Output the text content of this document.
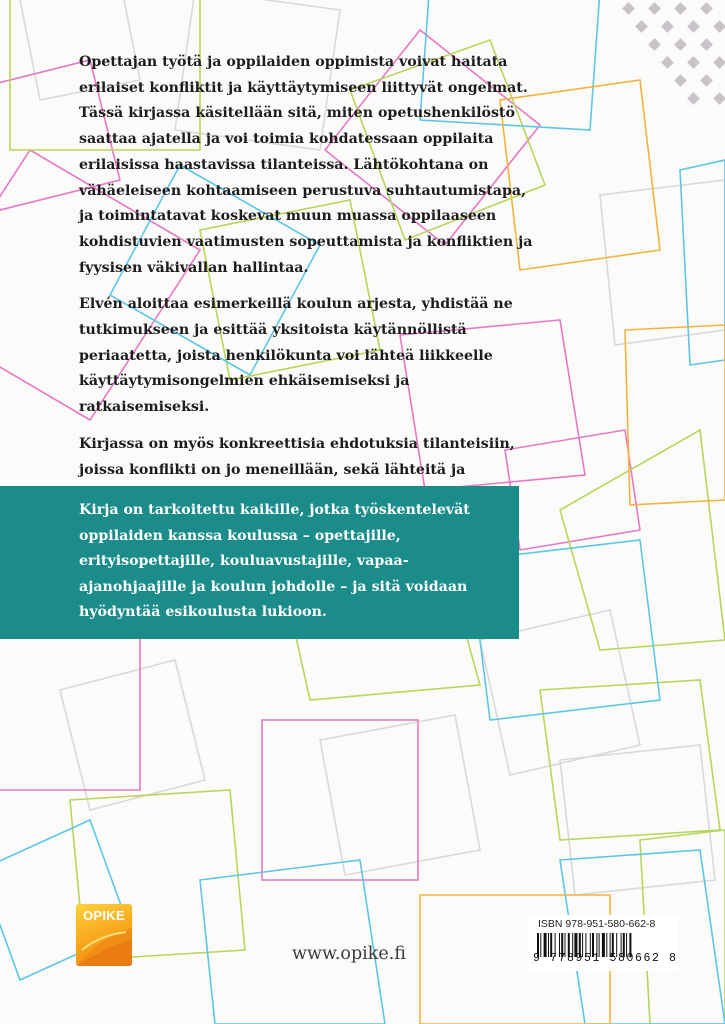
Opettajan työtä ja oppilaiden oppimista voivat haitata erilaiset konfliktit ja käyttäytymiseen liittyvät ongelmat. Tässä kirjassa käsitellään sitä, miten opetushenkilöstö saattaa ajatella ja voi toimia kohdatessaan oppilaita erilaisissa haastavissa tilanteissa. Lähtökohtana on vähäeleiseen kohtaamiseen perustuva suhtautumistapa, ja toimintatavat koskevat muun muassa oppilaaseen kohdistuvien vaatimusten sopeuttamista ja konfliktien ja fyysisen väkivallan hallintaa.

Elvén aloittaa esimerkeillä koulun arjesta, yhdistää ne tutkimukseen ja esittää yksitoista käytännöllistä periaatetta, joista henkilökunta voi lähteä liikkeelle käyttäytymisongelmien ehkäisemiseksi ja ratkaisemiseksi.

Kirjassa on myös konkreettisia ehdotuksia tilanteisiin, joissa konflikti on jo meneillään, sekä lähteitä ja

Kirja on tarkoitettu kaikille, jotka työskentelevät oppilaiden kanssa koulussa – opettajille, erityisopettajille, kouluavustajille, vapaa-ajanohjaajille ja koulun johdolle – ja sitä voidaan hyödyntää esikoulusta lukioon.
OPIKE
www.opike.fi
ISBN 978-951-580-662-8
9 778951 580662 8
